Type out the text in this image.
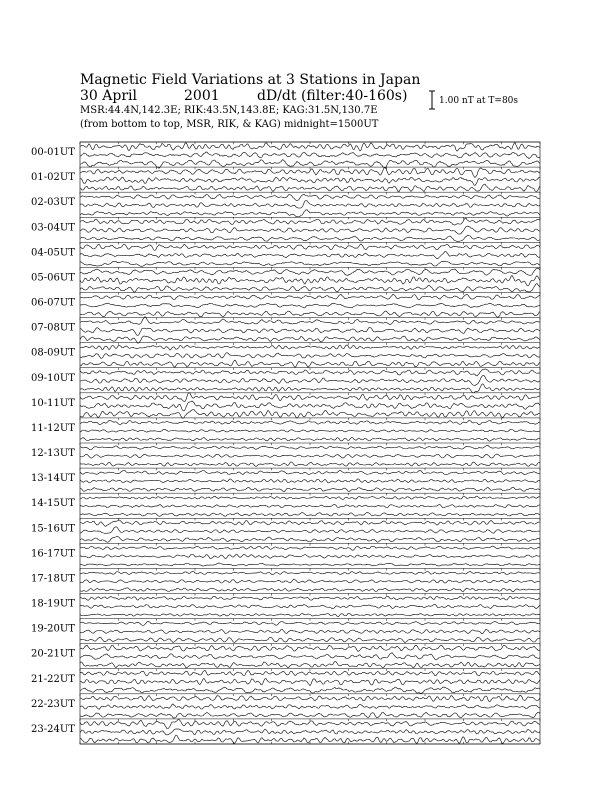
Magnetic Field Variations at 3 Stations in Japan
30 April	2001	dD/dt (filter:40-160s)
MSR:44.4N,142.3E; RIK:43.5N,143.8E; KAG:31.5N,130.7E
(from bottom to top, MSR, RIK, & KAG) midnight=1500UT
1.00 nT at T=80s
00-01UT
01-02UT
02-03UT
03-04UT
04-05UT
05-06UT
06-07UT
07-08UT
08-09UT
09-10UT
10-11UT
11-12UT
12-13UT
13-14UT
14-15UT
15-16UT
16-17UT
17-18UT
18-19UT
19-20UT
20-21UT
21-22UT
22-23UT
23-24UT
